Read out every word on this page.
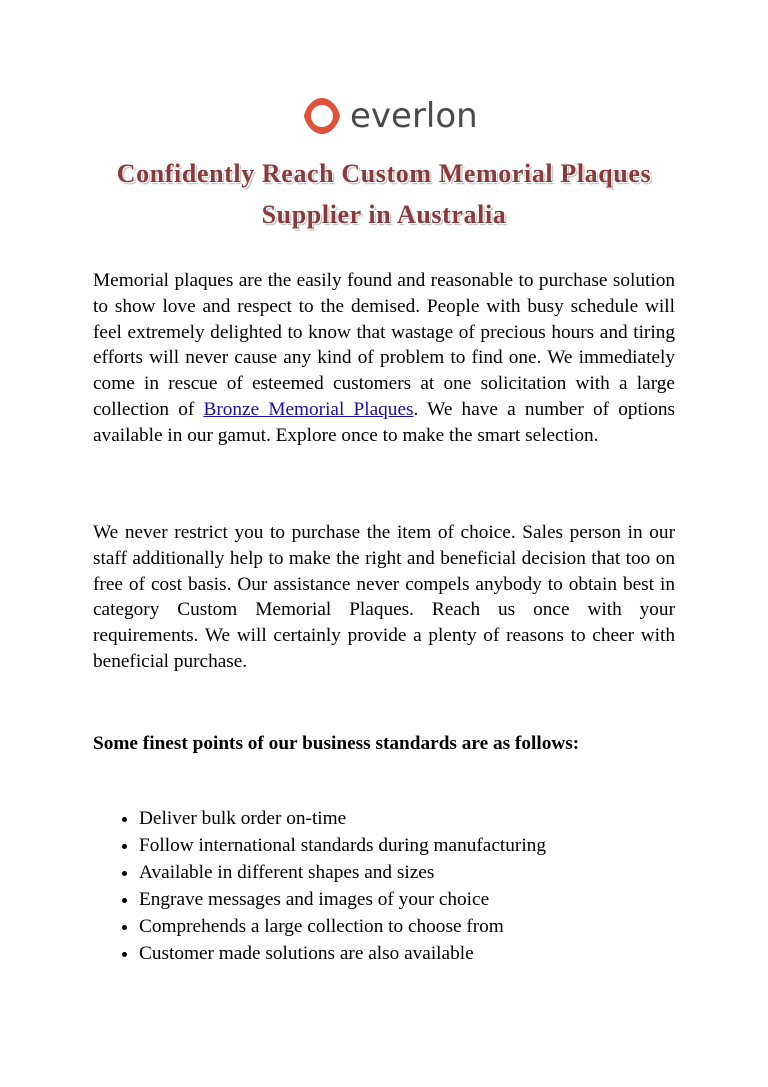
everlon
Confidently Reach Custom Memorial Plaques
Supplier in Australia

Memorial plaques are the easily found and reasonable to purchase solution to show love and respect to the demised. People with busy schedule will feel extremely delighted to know that wastage of precious hours and tiring efforts will never cause any kind of problem to find one. We immediately come in rescue of esteemed customers at one solicitation with a large collection of Bronze Memorial Plaques. We have a number of options available in our gamut. Explore once to make the smart selection.

We never restrict you to purchase the item of choice. Sales person in our staff additionally help to make the right and beneficial decision that too on free of cost basis. Our assistance never compels anybody to obtain best in category Custom Memorial Plaques. Reach us once with your requirements. We will certainly provide a plenty of reasons to cheer with beneficial purchase.

Some finest points of our business standards are as follows:
• Deliver bulk order on-time
• Follow international standards during manufacturing
• Available in different shapes and sizes
• Engrave messages and images of your choice
• Comprehends a large collection to choose from
• Customer made solutions are also available
